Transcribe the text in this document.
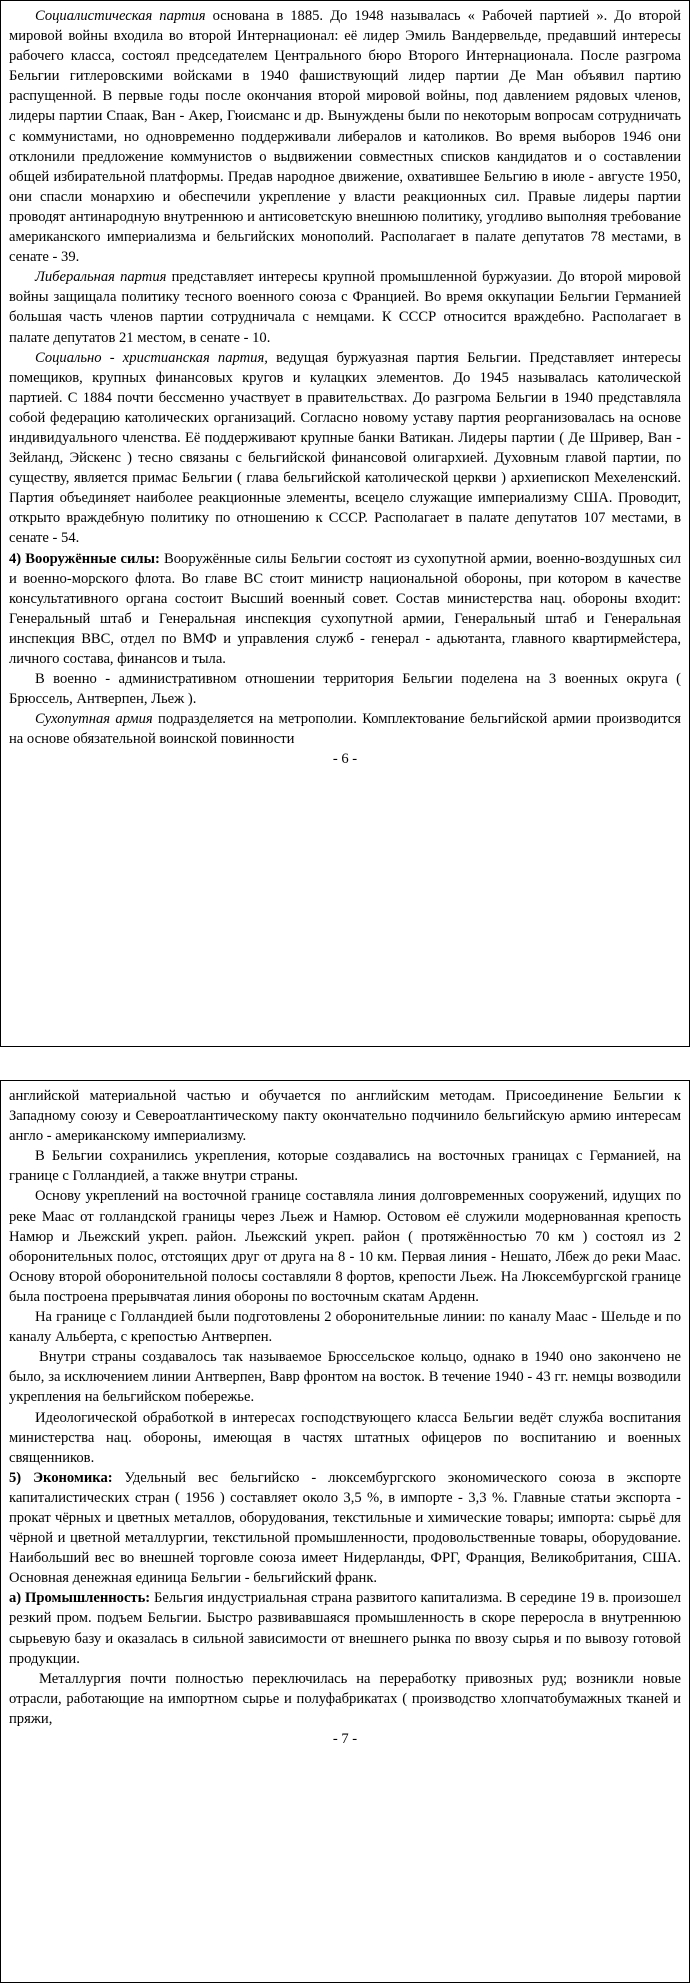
Социалистическая партия основана в 1885. До 1948 называлась « Рабочей партией ». До второй мировой войны входила во второй Интернационал: её лидер Эмиль Вандервельде, предавший интересы рабочего класса, состоял председателем Центрального бюро Второго Интернационала. После разгрома Бельгии гитлеровскими войсками в 1940 фашиствующий лидер партии Де Ман объявил партию распущенной. В первые годы после окончания второй мировой войны, под давлением рядовых членов, лидеры партии Спаак, Ван - Акер, Гюисманс и др. Вынуждены были по некоторым вопросам сотрудничать с коммунистами, но одновременно поддерживали либералов и католиков. Во время выборов 1946 они отклонили предложение коммунистов о выдвижении совместных списков кандидатов и о составлении общей избирательной платформы. Предав народное движение, охватившее Бельгию в июле - августе 1950, они спасли монархию и обеспечили укрепление у власти реакционных сил. Правые лидеры партии проводят антинародную внутреннюю и антисоветскую внешнюю политику, угодливо выполняя требование американского империализма и бельгийских монополий. Располагает в палате депутатов 78 местами, в сенате - 39.

Либеральная партия представляет интересы крупной промышленной буржуазии. До второй мировой войны защищала политику тесного военного союза с Францией. Во время оккупации Бельгии Германией большая часть членов партии сотрудничала с немцами. К СССР относится враждебно. Располагает в палате депутатов 21 местом, в сенате - 10.

Социально - христианская партия, ведущая буржуазная партия Бельгии. Представляет интересы помещиков, крупных финансовых кругов и кулацких элементов. До 1945 называлась католической партией. С 1884 почти бессменно участвует в правительствах. До разгрома Бельгии в 1940 представляла собой федерацию католических организаций. Согласно новому уставу партия реорганизовалась на основе индивидуального членства. Её поддерживают крупные банки Ватикан. Лидеры партии ( Де Шривер, Ван - Зейланд, Эйскенс ) тесно связаны с бельгийской финансовой олигархией. Духовным главой партии, по существу, является примас Бельгии ( глава бельгийской католической церкви ) архиепископ Мехеленский. Партия объединяет наиболее реакционные элементы, всецело служащие империализму США. Проводит, открыто враждебную политику по отношению к СССР. Располагает в палате депутатов 107 местами, в сенате - 54.

4) Вооружённые силы: Вооружённые силы Бельгии состоят из сухопутной армии, военно-воздушных сил и военно-морского флота. Во главе ВС стоит министр национальной обороны, при котором в качестве консультативного органа состоит Высший военный совет. Состав министерства нац. обороны входит: Генеральный штаб и Генеральная инспекция сухопутной армии, Генеральный штаб и Генеральная инспекция ВВС, отдел по ВМФ и управления служб - генерал - адьютанта, главного квартирмейстера, личного состава, финансов и тыла.

В военно - административном отношении территория Бельгии поделена на 3 военных округа ( Брюссель, Антверпен, Льеж ).

Сухопутная армия подразделяется на метрополии. Комплектование бельгийской армии производится на основе обязательной воинской повинности

- 6 -

английской материальной частью и обучается по английским методам. Присоединение Бельгии к Западному союзу и Североатлантическому пакту окончательно подчинило бельгийскую армию интересам англо - американскому империализму.

В Бельгии сохранились укрепления, которые создавались на восточных границах с Германией, на границе с Голландией, а также внутри страны.

Основу укреплений на восточной границе составляла линия долговременных сооружений, идущих по реке Маас от голландской границы через Льеж и Намюр. Остовом её служили модернованная крепость Намюр и Льежский укреп. район. Льежский укреп. район ( протяжённостью 70 км ) состоял из 2 оборонительных полос, отстоящих друг от друга на 8 - 10 км. Первая линия - Нешато, Лбеж до реки Маас. Основу второй оборонительной полосы составляли 8 фортов, крепости Льеж. На Люксембургской границе была построена прерывчатая линия обороны по восточным скатам Арденн.

На границе с Голландией были подготовлены 2 оборонительные линии: по каналу Маас - Шельде и по каналу Альберта, с крепостью Антверпен.

Внутри страны создавалось так называемое Брюссельское кольцо, однако в 1940 оно закончено не было, за исключением линии Антверпен, Вавр фронтом на восток. В течение 1940 - 43 гг. немцы возводили укрепления на бельгийском побережье.

Идеологической обработкой в интересах господствующего класса Бельгии ведёт службa воспитания министерства нац. обороны, имеющая в частях штатных офицеров по воспитанию и военных священников.

5) Экономика: Удельный вес бельгийско - люксембургского экономического союза в экспорте капиталистических стран ( 1956 ) составляет около 3,5 %, в импорте - 3,3 %. Главные статьи экспорта - прокат чёрных и цветных металлов, оборудования, текстильные и химические товары; импорта: сырьё для чёрной и цветной металлургии, текстильной промышленности, продовольственные товары, оборудование. Наибольший вес во внешней торговле союза имеет Нидерланды, ФРГ, Франция, Великобритания, США. Основная денежная единица Бельгии - бельгийский франк.

а) Промышленность: Бельгия индустриальная страна развитого капитализма. В середине 19 в. произошел резкий пром. подъем Бельгии. Быстро развивавшаяся промышленность в скоре переросла в внутреннюю сырьевую базу и оказалась в сильной зависимости от внешнего рынка по ввозу сырья и по вывозу готовой продукции.

Металлургия почти полностью переключилась на переработку привозных руд; возникли новые отрасли, работающие на импортном сырье и полуфабрикатах ( производство хлопчатобумажных тканей и пряжи,

- 7 -
